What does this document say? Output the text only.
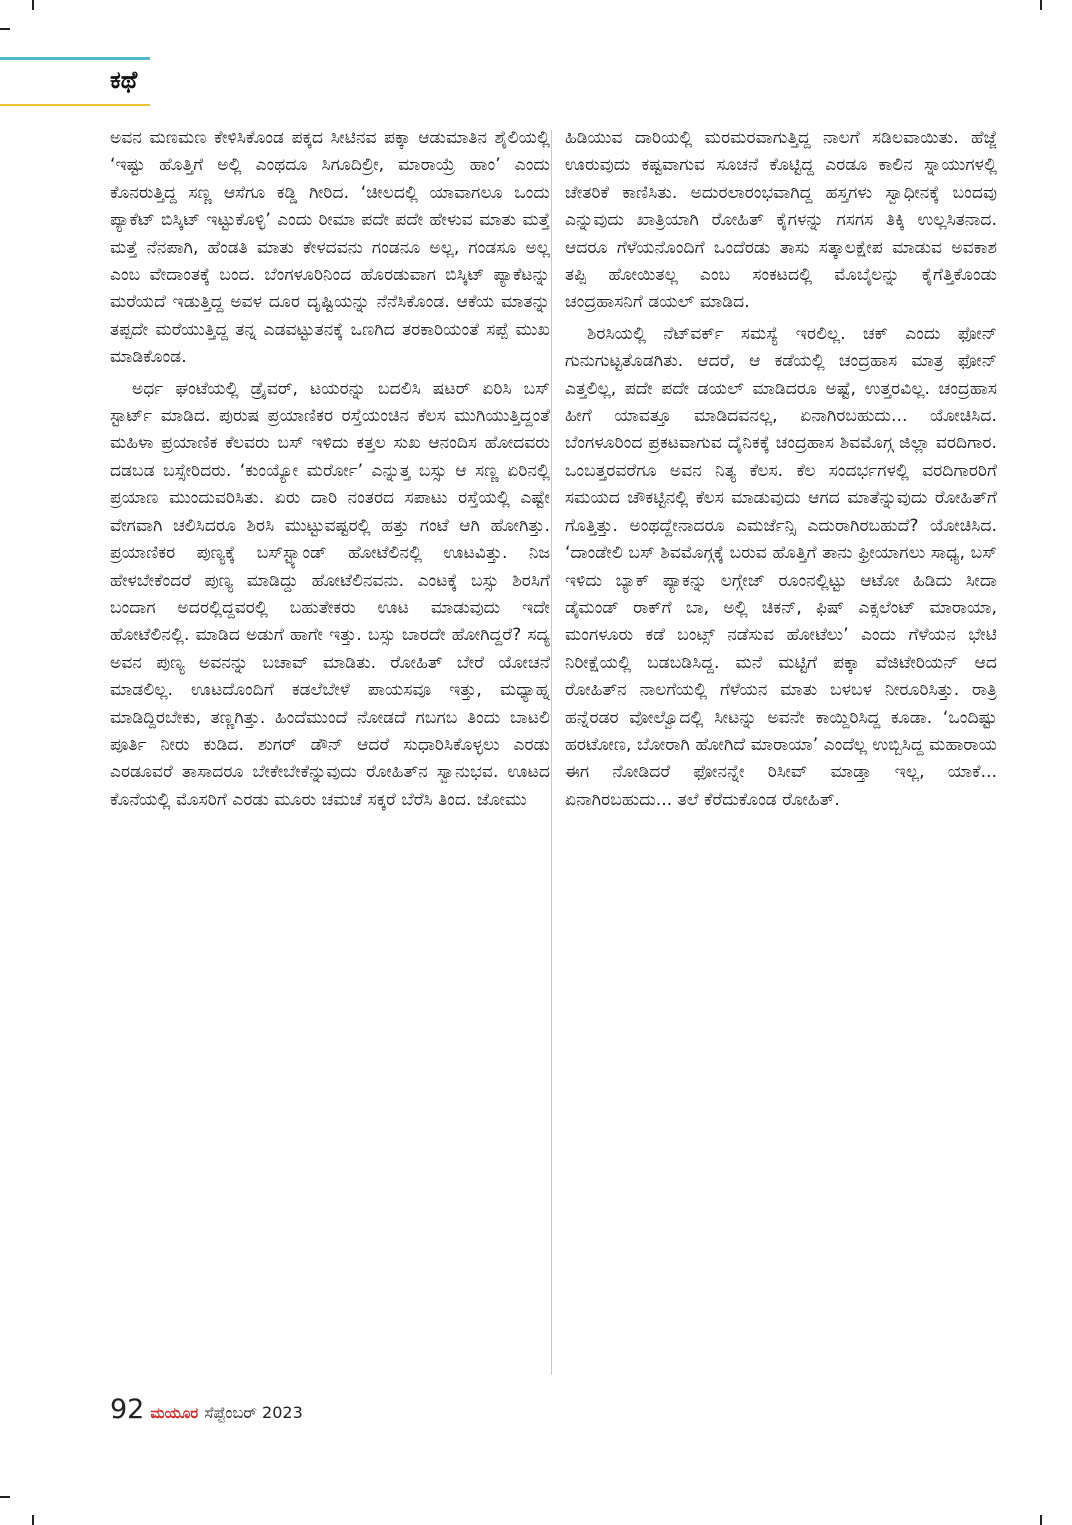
ಕಥೆ

ಅವನ ಮಣಮಣ ಕೇಳಿಸಿಕೊಂಡ ಪಕ್ಕದ ಸೀಟಿನವ ಪಕ್ಕಾ ಆಡುಮಾತಿನ ಶೈಲಿಯಲ್ಲಿ ‘ಇಷ್ಟು ಹೊತ್ತಿಗೆ ಅಲ್ಲಿ ಎಂಥದೂ ಸಿಗೂದಿಲ್ರೀ, ಮಾರಾಯ್ರೆ ಹಾಂ’ ಎಂದು ಕೊನರುತ್ತಿದ್ದ ಸಣ್ಣ ಆಸೆಗೂ ಕಡ್ಡಿ ಗೀರಿದ. ‘ಚೀಲದಲ್ಲಿ ಯಾವಾಗಲೂ ಒಂದು ಪ್ಯಾಕೆಟ್ ಬಿಸ್ಕಿಟ್ ಇಟ್ಟುಕೊಳ್ಳಿ’ ಎಂದು ರೀಮಾ ಪದೇ ಪದೇ ಹೇಳುವ ಮಾತು ಮತ್ತೆ ಮತ್ತೆ ನೆನಪಾಗಿ, ಹೆಂಡತಿ ಮಾತು ಕೇಳದವನು ಗಂಡನೂ ಅಲ್ಲ, ಗಂಡಸೂ ಅಲ್ಲ ಎಂಬ ವೇದಾಂತಕ್ಕೆ ಬಂದ. ಬೆಂಗಳೂರಿನಿಂದ ಹೊರಡುವಾಗ ಬಿಸ್ಕಿಟ್ ಪ್ಯಾಕೆಟನ್ನು ಮರೆಯದೆ ಇಡುತ್ತಿದ್ದ ಅವಳ ದೂರ ದೃಷ್ಟಿಯನ್ನು ನೆನೆಸಿಕೊಂಡ. ಆಕೆಯ ಮಾತನ್ನು ತಪ್ಪದೇ ಮರೆಯುತ್ತಿದ್ದ ತನ್ನ ಎಡವಟ್ಟುತನಕ್ಕೆ ಒಣಗಿದ ತರಕಾರಿಯಂತೆ ಸಪ್ಪೆ ಮುಖ ಮಾಡಿಕೊಂಡ.

ಅರ್ಧ ಘಂಟೆಯಲ್ಲಿ ಡ್ರೈವರ್, ಟಯರನ್ನು ಬದಲಿಸಿ ಷಟರ್ ಏರಿಸಿ ಬಸ್ ಸ್ಟಾರ್ಟ್ ಮಾಡಿದ. ಪುರುಷ ಪ್ರಯಾಣಿಕರ ರಸ್ತೆಯಂಚಿನ ಕೆಲಸ ಮುಗಿಯುತ್ತಿದ್ದಂತೆ ಮಹಿಳಾ ಪ್ರಯಾಣಿಕ ಕೆಲವರು ಬಸ್ ಇಳಿದು ಕತ್ತಲ ಸುಖ ಆನಂದಿಸ ಹೋದವರು ದಡಬಡ ಬಸ್ಸೇರಿದರು. ‘ಕುಂಯ್ಯೋ ಮರ್ರೋ’ ಎನ್ನುತ್ತ ಬಸ್ಸು ಆ ಸಣ್ಣ ಏರಿನಲ್ಲಿ ಪ್ರಯಾಣ ಮುಂದುವರಿಸಿತು. ಏರು ದಾರಿ ನಂತರದ ಸಪಾಟು ರಸ್ತೆಯಲ್ಲಿ ಎಷ್ಟೇ ವೇಗವಾಗಿ ಚಲಿಸಿದರೂ ಶಿರಸಿ ಮುಟ್ಟುವಷ್ಟರಲ್ಲಿ ಹತ್ತು ಗಂಟೆ ಆಗಿ ಹೋಗಿತ್ತು. ಪ್ರಯಾಣಿಕರ ಪುಣ್ಯಕ್ಕೆ ಬಸ್‌ಸ್ಟ್ಯಾಂಡ್ ಹೋಟೆಲಿನಲ್ಲಿ ಊಟವಿತ್ತು. ನಿಜ ಹೇಳಬೇಕೆಂದರೆ ಪುಣ್ಯ ಮಾಡಿದ್ದು ಹೋಟೆಲಿನವನು. ಎಂಟಕ್ಕೆ ಬಸ್ಸು ಶಿರಸಿಗೆ ಬಂದಾಗ ಅದರಲ್ಲಿದ್ದವರಲ್ಲಿ ಬಹುತೇಕರು ಊಟ ಮಾಡುವುದು ಇದೇ ಹೋಟೆಲಿನಲ್ಲಿ. ಮಾಡಿದ ಅಡುಗೆ ಹಾಗೇ ಇತ್ತು. ಬಸ್ಸು ಬಾರದೇ ಹೋಗಿದ್ದರೆ? ಸದ್ಯ ಅವನ ಪುಣ್ಯ ಅವನನ್ನು ಬಚಾವ್ ಮಾಡಿತು. ರೋಹಿತ್ ಬೇರೆ ಯೋಚನೆ ಮಾಡಲಿಲ್ಲ. ಊಟದೊಂದಿಗೆ ಕಡಲೆಬೇಳೆ ಪಾಯಸವೂ ಇತ್ತು, ಮಧ್ಯಾಹ್ನ ಮಾಡಿದ್ದಿರಬೇಕು, ತಣ್ಣಗಿತ್ತು. ಹಿಂದೆಮುಂದೆ ನೋಡದೆ ಗಬಗಬ ತಿಂದು ಬಾಟಲಿ ಪೂರ್ತಿ ನೀರು ಕುಡಿದ. ಶುಗರ್ ಡೌನ್ ಆದರೆ ಸುಧಾರಿಸಿಕೊಳ್ಳಲು ಎರಡು ಎರಡೂವರೆ ತಾಸಾದರೂ ಬೇಕೇಬೇಕೆನ್ನುವುದು ರೋಹಿತ್‌ನ ಸ್ವಾನುಭವ. ಊಟದ ಕೊನೆಯಲ್ಲಿ ಮೊಸರಿಗೆ ಎರಡು ಮೂರು ಚಮಚೆ ಸಕ್ಕರೆ ಬೆರೆಸಿ ತಿಂದ. ಜೋಮು

ಹಿಡಿಯುವ ದಾರಿಯಲ್ಲಿ ಮರಮರವಾಗುತ್ತಿದ್ದ ನಾಲಗೆ ಸಡಿಲವಾಯಿತು. ಹೆಜ್ಜೆ ಊರುವುದು ಕಷ್ಟವಾಗುವ ಸೂಚನೆ ಕೊಟ್ಟಿದ್ದ ಎರಡೂ ಕಾಲಿನ ಸ್ನಾಯುಗಳಲ್ಲಿ ಚೇತರಿಕೆ ಕಾಣಿಸಿತು. ಅದುರಲಾರಂಭವಾಗಿದ್ದ ಹಸ್ತಗಳು ಸ್ವಾಧೀನಕ್ಕೆ ಬಂದವು ಎನ್ನುವುದು ಖಾತ್ರಿಯಾಗಿ ರೋಹಿತ್ ಕೈಗಳನ್ನು ಗಸಗಸ ತಿಕ್ಕಿ ಉಲ್ಲಸಿತನಾದ. ಆದರೂ ಗೆಳೆಯನೊಂದಿಗೆ ಒಂದೆರಡು ತಾಸು ಸತ್ಕಾಲಕ್ಷೇಪ ಮಾಡುವ ಅವಕಾಶ ತಪ್ಪಿ ಹೋಯಿತಲ್ಲ ಎಂಬ ಸಂಕಟದಲ್ಲಿ ಮೊಬೈಲನ್ನು ಕೈಗೆತ್ತಿಕೊಂಡು ಚಂದ್ರಹಾಸನಿಗೆ ಡಯಲ್ ಮಾಡಿದ.

ಶಿರಸಿಯಲ್ಲಿ ನೆಟ್‌ವರ್ಕ್ ಸಮಸ್ಯೆ ಇರಲಿಲ್ಲ. ಚಕ್ ಎಂದು ಫೋನ್ ಗುನುಗುಟ್ಟತೊಡಗಿತು. ಆದರೆ, ಆ ಕಡೆಯಲ್ಲಿ ಚಂದ್ರಹಾಸ ಮಾತ್ರ ಫೋನ್ ಎತ್ತಲಿಲ್ಲ, ಪದೇ ಪದೇ ಡಯಲ್ ಮಾಡಿದರೂ ಅಷ್ಟೆ, ಉತ್ತರವಿಲ್ಲ. ಚಂದ್ರಹಾಸ ಹೀಗೆ ಯಾವತ್ತೂ ಮಾಡಿದವನಲ್ಲ, ಏನಾಗಿರಬಹುದು... ಯೋಚಿಸಿದ. ಬೆಂಗಳೂರಿಂದ ಪ್ರಕಟವಾಗುವ ದೈನಿಕಕ್ಕೆ ಚಂದ್ರಹಾಸ ಶಿವಮೊಗ್ಗ ಜಿಲ್ಲಾ ವರದಿಗಾರ. ಒಂಬತ್ತರವರೆಗೂ ಅವನ ನಿತ್ಯ ಕೆಲಸ. ಕೆಲ ಸಂದರ್ಭಗಳಲ್ಲಿ ವರದಿಗಾರರಿಗೆ ಸಮಯದ ಚೌಕಟ್ಟಿನಲ್ಲಿ ಕೆಲಸ ಮಾಡುವುದು ಆಗದ ಮಾತೆನ್ನುವುದು ರೋಹಿತ್‌ಗೆ ಗೊತ್ತಿತ್ತು. ಅಂಥದ್ದೇನಾದರೂ ಎಮರ್ಜೆನ್ಸಿ ಎದುರಾಗಿರಬಹುದೆ? ಯೋಚಿಸಿದ. ‘ದಾಂಡೇಲಿ ಬಸ್ ಶಿವಮೊಗ್ಗಕ್ಕೆ ಬರುವ ಹೊತ್ತಿಗೆ ತಾನು ಫ್ರೀಯಾಗಲು ಸಾಧ್ಯ, ಬಸ್ ಇಳಿದು ಬ್ಯಾಕ್ ಪ್ಯಾಕನ್ನು ಲಗ್ಗೇಜ್ ರೂಂನಲ್ಲಿಟ್ಟು ಆಟೋ ಹಿಡಿದು ಸೀದಾ ಡೈಮಂಡ್ ರಾಕ್‌ಗೆ ಬಾ, ಅಲ್ಲಿ ಚಿಕನ್, ಫಿಷ್ ಎಕ್ಸಲೆಂಟ್ ಮಾರಾಯಾ, ಮಂಗಳೂರು ಕಡೆ ಬಂಟ್ಸ್ ನಡೆಸುವ ಹೋಟೆಲು’ ಎಂದು ಗೆಳೆಯನ ಭೇಟಿ ನಿರೀಕ್ಷೆಯಲ್ಲಿ ಬಡಬಡಿಸಿದ್ದ. ಮನೆ ಮಟ್ಟಿಗೆ ಪಕ್ಕಾ ವೆಜಿಟೇರಿಯನ್ ಆದ ರೋಹಿತ್‌ನ ನಾಲಗೆಯಲ್ಲಿ ಗೆಳೆಯನ ಮಾತು ಬಳಬಳ ನೀರೂರಿಸಿತ್ತು. ರಾತ್ರಿ ಹನ್ನೆರಡರ ವೋಲ್ವೊದಲ್ಲಿ ಸೀಟನ್ನು ಅವನೇ ಕಾಯ್ದಿರಿಸಿದ್ದ ಕೂಡಾ. ‘ಒಂದಿಷ್ಟು ಹರಟೋಣ, ಬೋರಾಗಿ ಹೋಗಿದೆ ಮಾರಾಯಾ’ ಎಂದೆಲ್ಲ ಉಬ್ಬಿಸಿದ್ದ ಮಹಾರಾಯ ಈಗ ನೋಡಿದರೆ ಫೋನನ್ನೇ ರಿಸೀವ್ ಮಾಡ್ತಾ ಇಲ್ಲ, ಯಾಕೆ... ಏನಾಗಿರಬಹುದು... ತಲೆ ಕೆರೆದುಕೊಂಡ ರೋಹಿತ್.

92 ಮಯೂರ ಸೆಪ್ಟೆಂಬರ್ 2023
